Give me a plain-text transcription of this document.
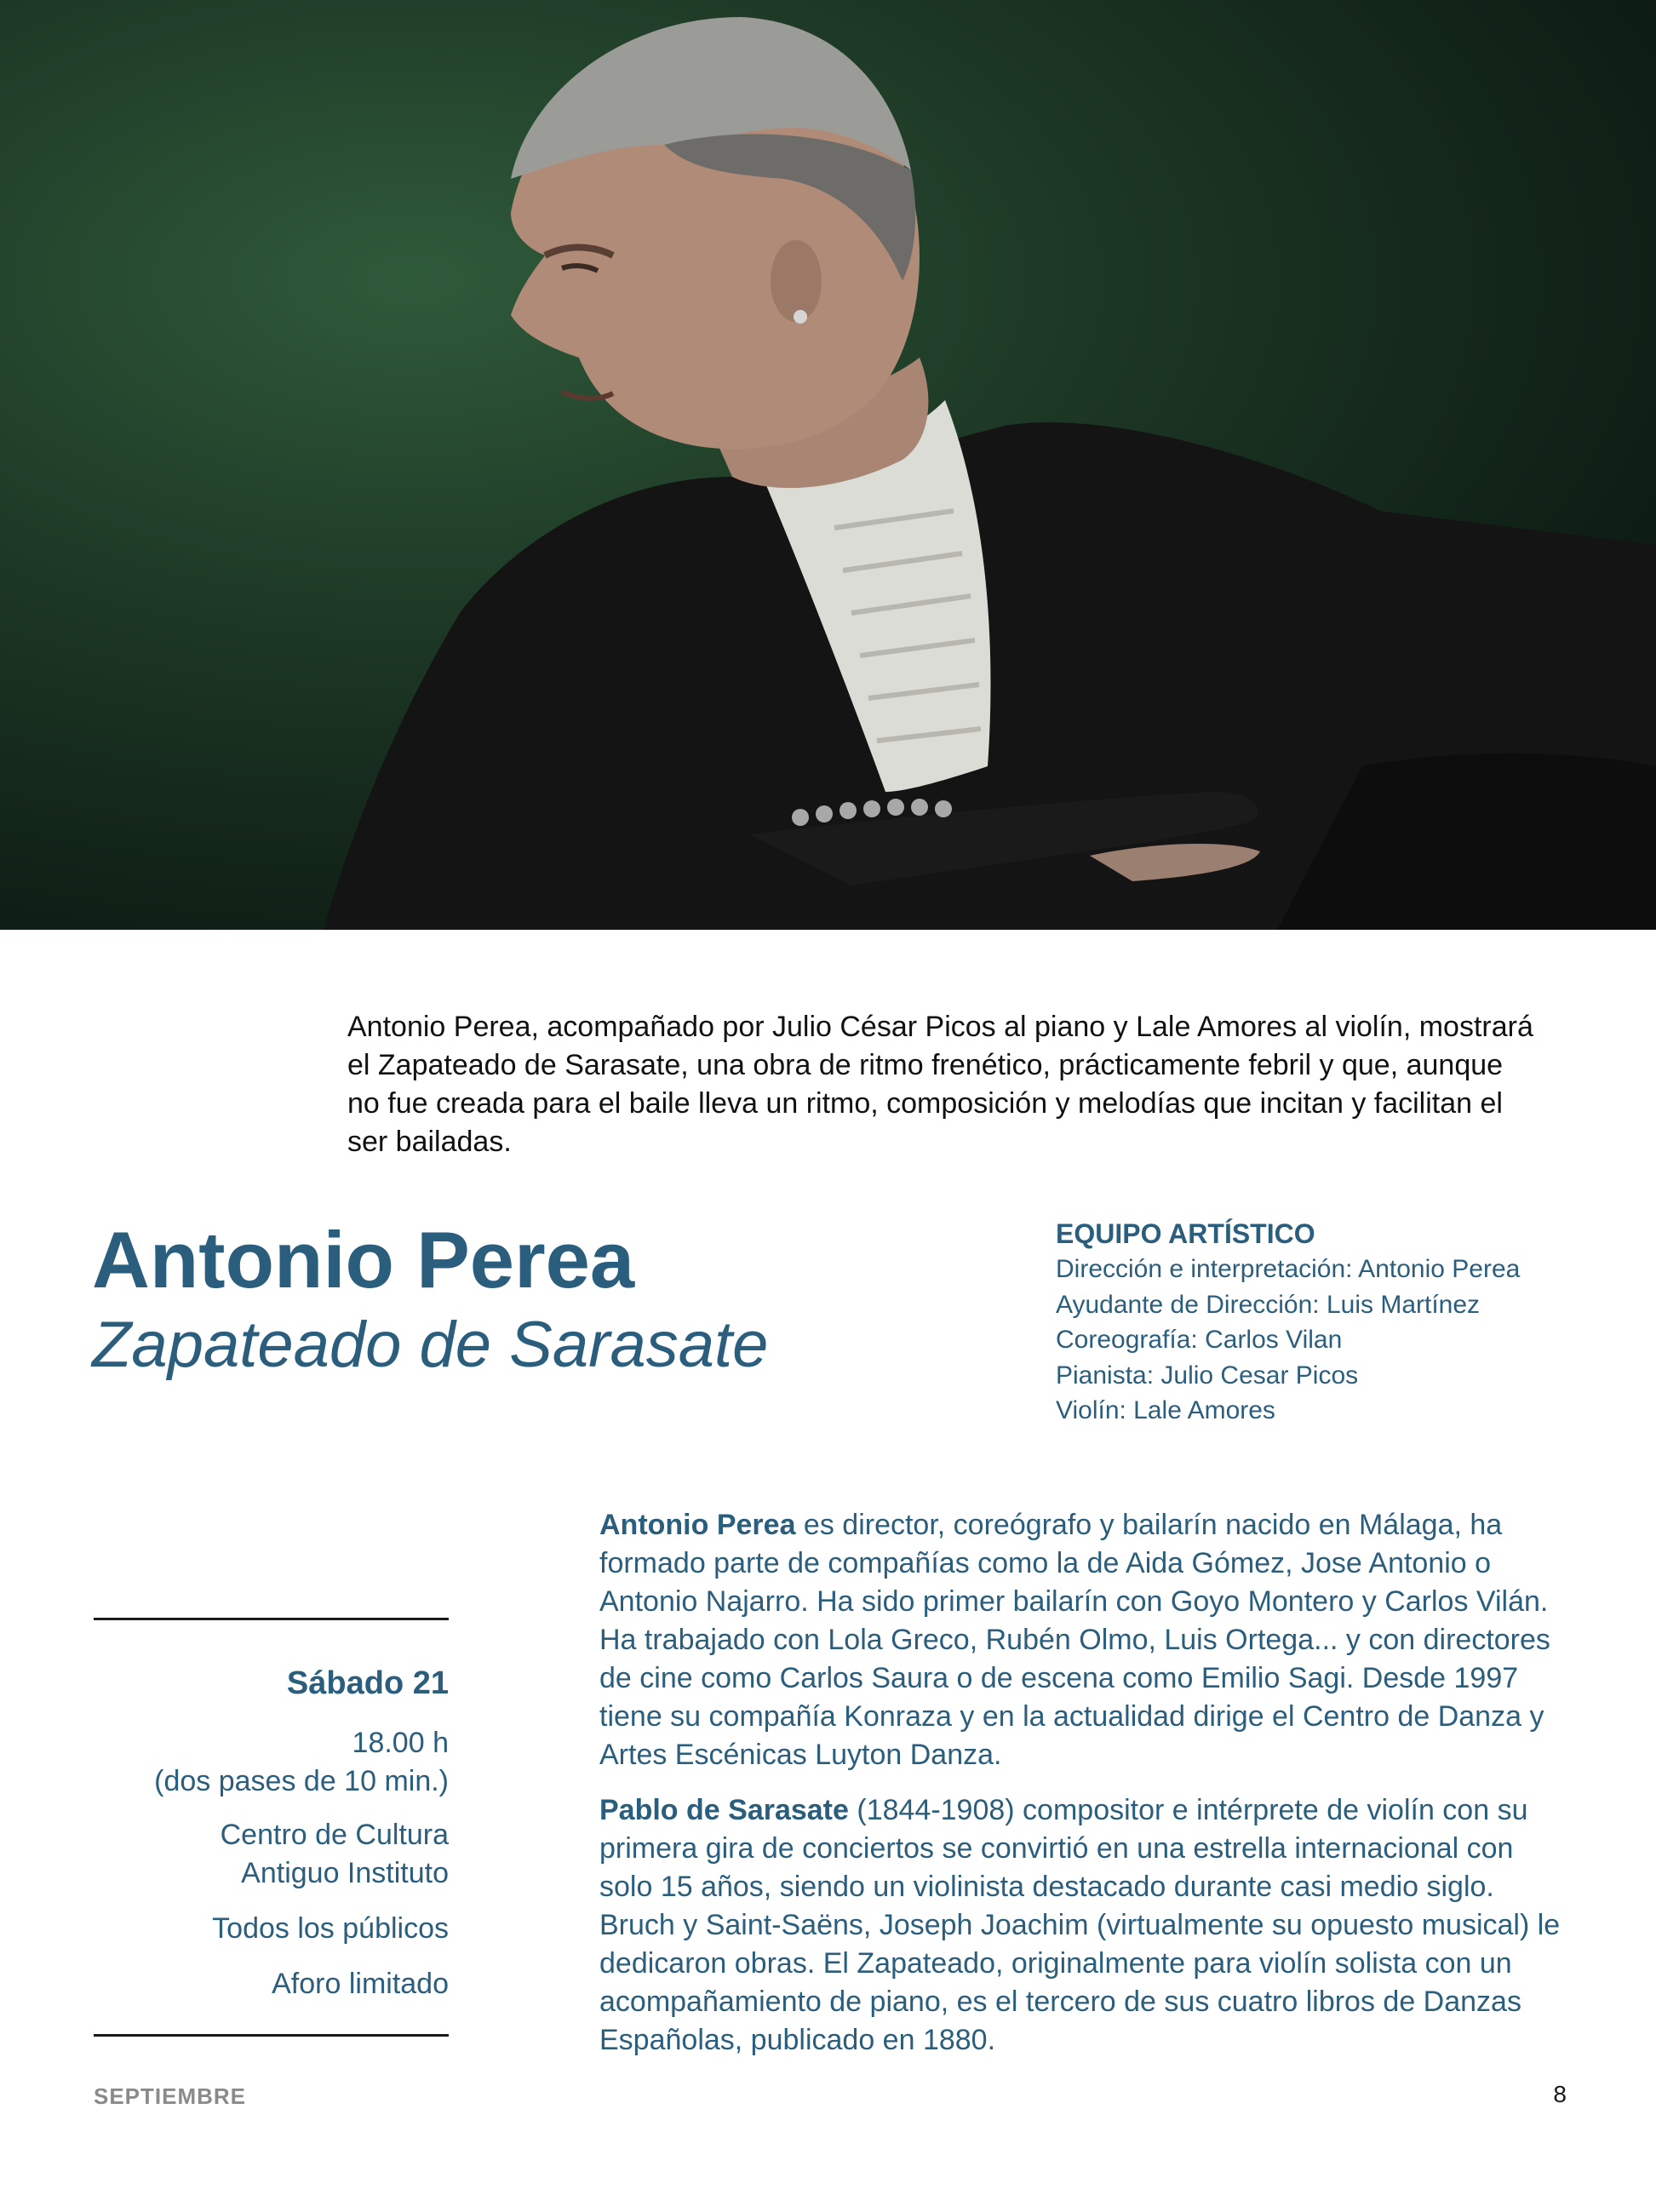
Antonio Perea, acompañado por Julio César Picos al piano y Lale Amores al violín, mostrará el Zapateado de Sarasate, una obra de ritmo frenético, prácticamente febril y que, aunque no fue creada para el baile lleva un ritmo, composición y melodías que incitan y facilitan el ser bailadas.
Antonio Perea
Zapateado de Sarasate
EQUIPO ARTÍSTICO
Dirección e interpretación: Antonio Perea
Ayudante de Dirección: Luis Martínez
Coreografía: Carlos Vilan
Pianista: Julio Cesar Picos
Violín: Lale Amores
Sábado 21
18.00 h
(dos pases de 10 min.)
Centro de Cultura
Antiguo Instituto
Todos los públicos
Aforo limitado

Antonio Perea es director, coreógrafo y bailarín nacido en Málaga, ha formado parte de compañías como la de Aida Gómez, Jose Antonio o Antonio Najarro. Ha sido primer bailarín con Goyo Montero y Carlos Vilán. Ha trabajado con Lola Greco, Rubén Olmo, Luis Ortega... y con directores de cine como Carlos Saura o de escena como Emilio Sagi. Desde 1997 tiene su compañía Konraza y en la actualidad dirige el Centro de Danza y Artes Escénicas Luyton Danza.

Pablo de Sarasate (1844-1908) compositor e intérprete de violín con su primera gira de conciertos se convirtió en una estrella internacional con solo 15 años, siendo un violinista destacado durante casi medio siglo. Bruch y Saint-Saëns, Joseph Joachim (virtualmente su opuesto musical) le dedicaron obras. El Zapateado, originalmente para violín solista con un acompañamiento de piano, es el tercero de sus cuatro libros de Danzas Españolas, publicado en 1880.

SEPTIEMBRE	8
